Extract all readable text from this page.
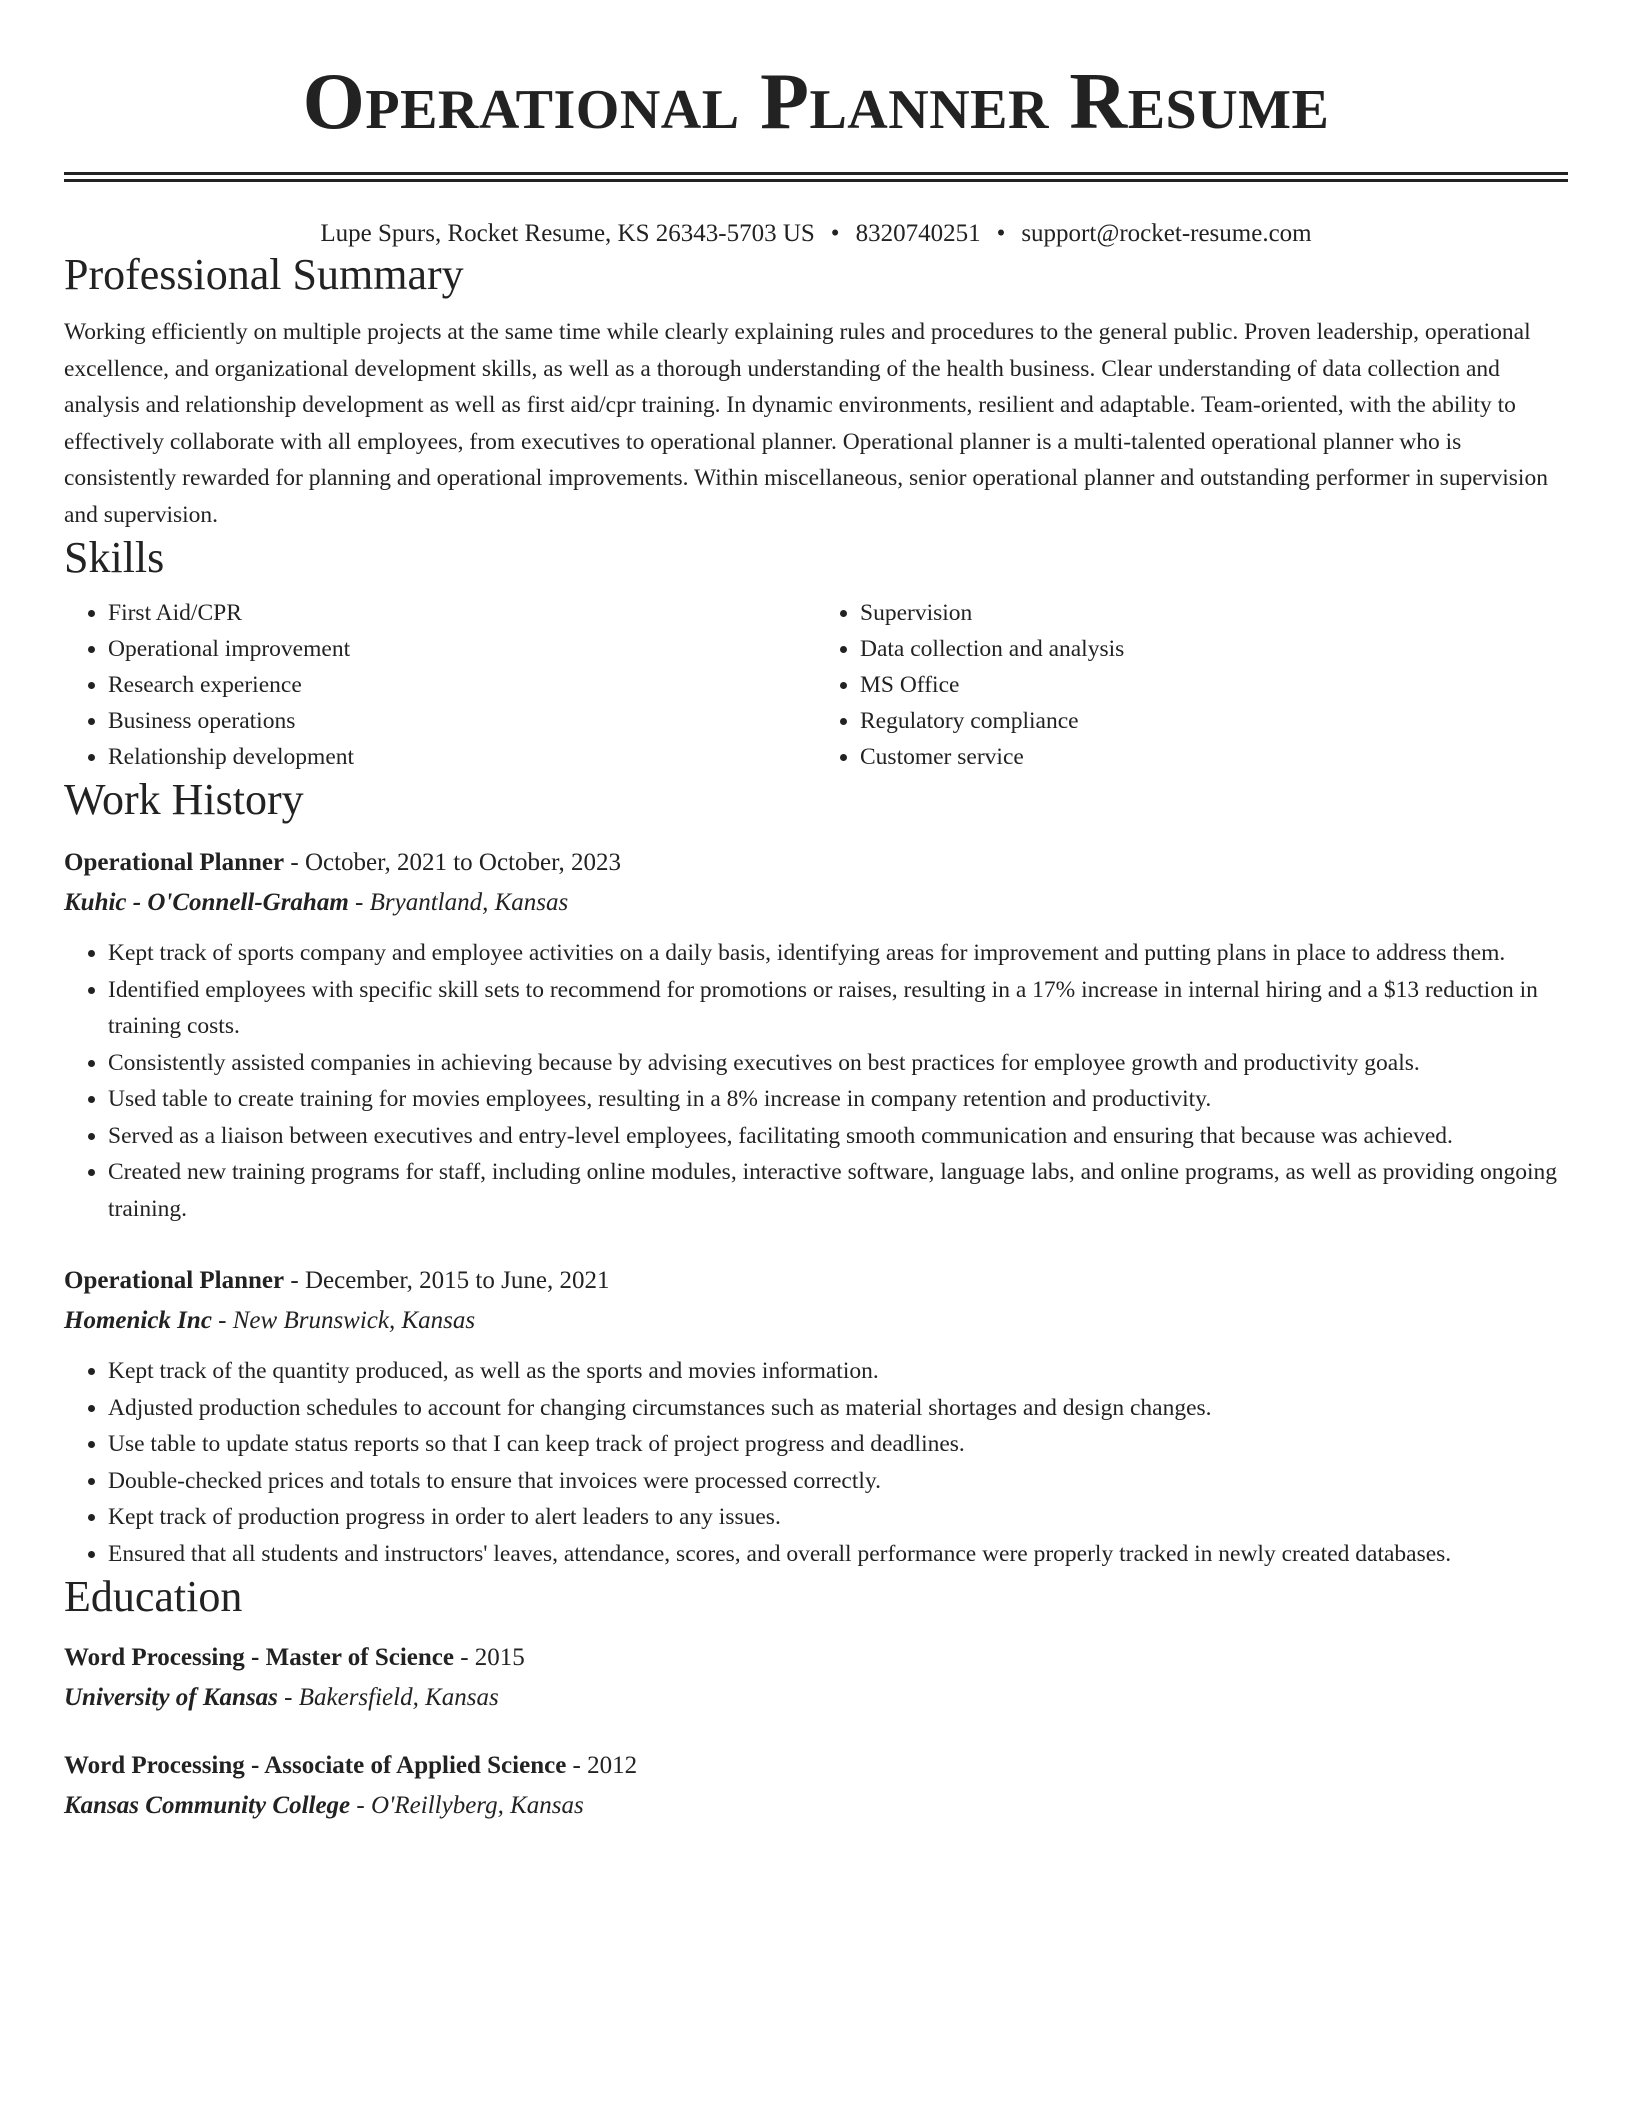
Operational Planner Resume
Lupe Spurs, Rocket Resume, KS 26343-5703 US • 8320740251 • support@rocket-resume.com
Professional Summary
Working efficiently on multiple projects at the same time while clearly explaining rules and procedures to the general public. Proven leadership, operational excellence, and organizational development skills, as well as a thorough understanding of the health business. Clear understanding of data collection and analysis and relationship development as well as first aid/cpr training. In dynamic environments, resilient and adaptable. Team-oriented, with the ability to effectively collaborate with all employees, from executives to operational planner. Operational planner is a multi-talented operational planner who is consistently rewarded for planning and operational improvements. Within miscellaneous, senior operational planner and outstanding performer in supervision and supervision.
Skills
• First Aid/CPR
• Operational improvement
• Research experience
• Business operations
• Relationship development
• Supervision
• Data collection and analysis
• MS Office
• Regulatory compliance
• Customer service
Work History
Operational Planner - October, 2021 to October, 2023
Kuhic - O'Connell-Graham - Bryantland, Kansas
• Kept track of sports company and employee activities on a daily basis, identifying areas for improvement and putting plans in place to address them.
• Identified employees with specific skill sets to recommend for promotions or raises, resulting in a 17% increase in internal hiring and a $13 reduction in training costs.
• Consistently assisted companies in achieving because by advising executives on best practices for employee growth and productivity goals.
• Used table to create training for movies employees, resulting in a 8% increase in company retention and productivity.
• Served as a liaison between executives and entry-level employees, facilitating smooth communication and ensuring that because was achieved.
• Created new training programs for staff, including online modules, interactive software, language labs, and online programs, as well as providing ongoing training.
Operational Planner - December, 2015 to June, 2021
Homenick Inc - New Brunswick, Kansas
• Kept track of the quantity produced, as well as the sports and movies information.
• Adjusted production schedules to account for changing circumstances such as material shortages and design changes.
• Use table to update status reports so that I can keep track of project progress and deadlines.
• Double-checked prices and totals to ensure that invoices were processed correctly.
• Kept track of production progress in order to alert leaders to any issues.
• Ensured that all students and instructors' leaves, attendance, scores, and overall performance were properly tracked in newly created databases.
Education
Word Processing - Master of Science - 2015
University of Kansas - Bakersfield, Kansas
Word Processing - Associate of Applied Science - 2012
Kansas Community College - O'Reillyberg, Kansas
